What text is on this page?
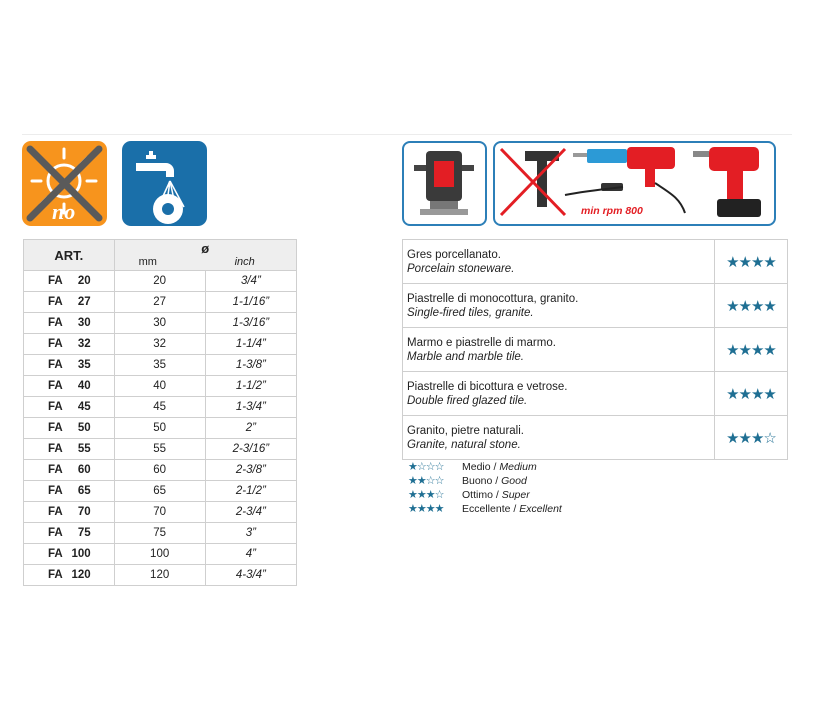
no	min rpm 800
ART.	ø
mm inch	

FA 20	20	3/4”
FA 27	27	1-1/16”
FA 30	30	1-3/16”
FA 32	32	1-1/4”
FA 35	35	1-3/8”
FA 40	40	1-1/2”
FA 45	45	1-3/4”
FA 50	50	2”
FA 55	55	2-3/16”
FA 60	60	2-3/8”
FA 65	65	2-1/2”
FA 70	70	2-3/4”
FA 75	75	3”
FA 100	100	4”
FA 120	120	4-3/4”
Gres porcellanato.
Porcelain stoneware.	★★★★

Piastrelle di monocottura, granito.
Single-fired tiles, granite.	★★★★

Marmo e piastrelle di marmo.
Marble and marble tile.	★★★★

Piastrelle di bicottura e vetrose.
Double fired glazed tile.	★★★★

Granito, pietre naturali.
Granite, natural stone.	★★★☆
★☆☆☆ Medio / Medium
★★☆☆ Buono / Good
★★★☆ Ottimo / Super
★★★★ Eccellente / Excellent
